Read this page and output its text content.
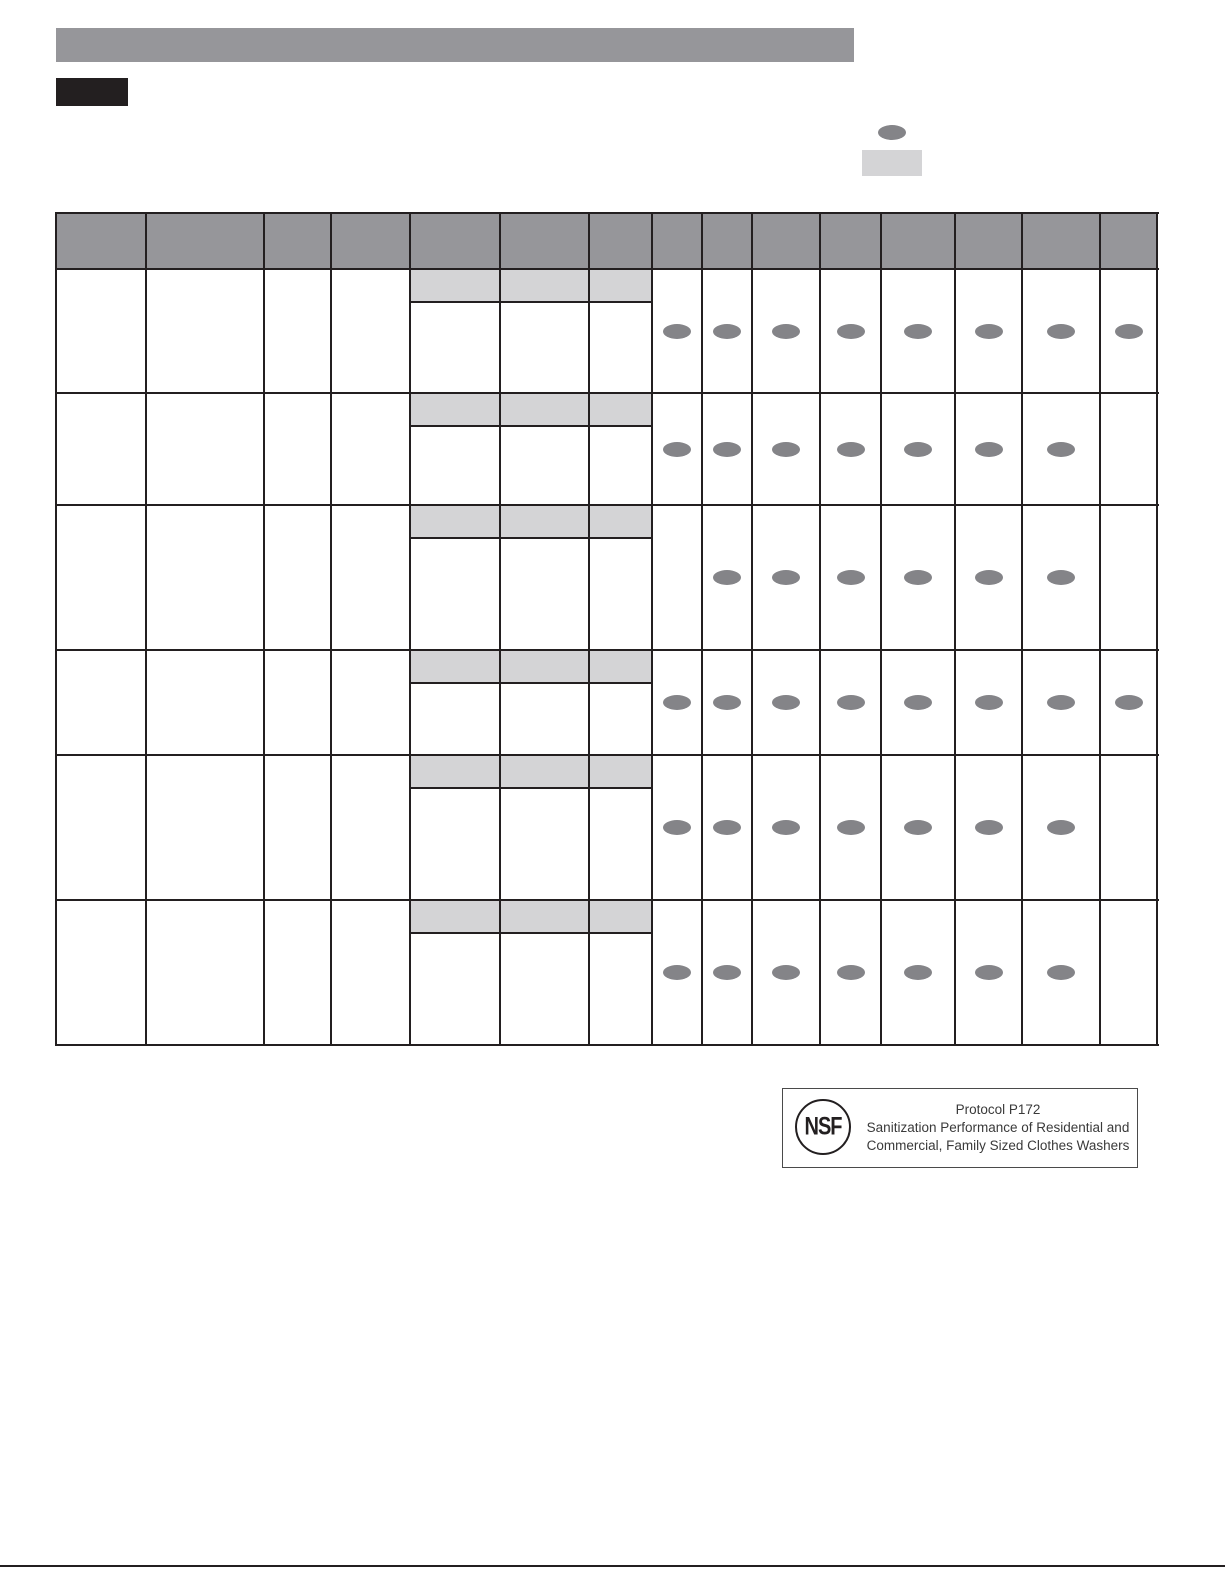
NSF
Protocol P172
Sanitization Performance of Residential and
Commercial, Family Sized Clothes Washers
